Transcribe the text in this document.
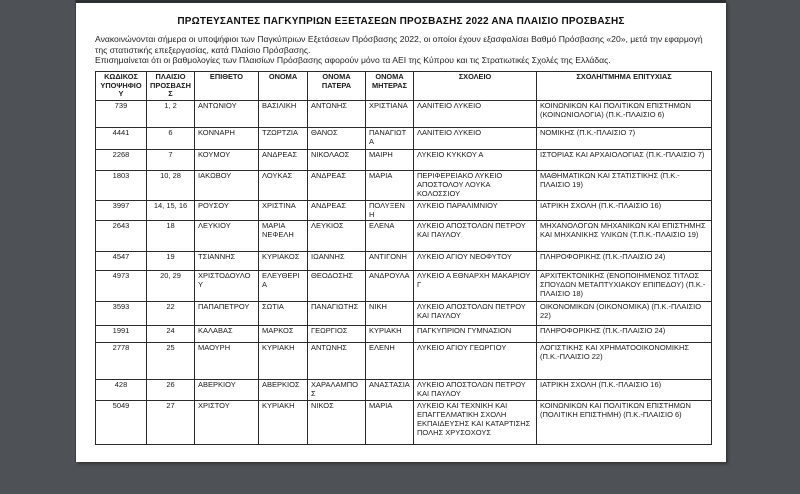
ΠΡΩΤΕΥΣΑΝΤΕΣ ΠΑΓΚΥΠΡΙΩΝ ΕΞΕΤΑΣΕΩΝ ΠΡΟΣΒΑΣΗΣ 2022 ΑΝΑ ΠΛΑΙΣΙΟ ΠΡΟΣΒΑΣΗΣ

Ανακοινώνονται σήμερα οι υποψήφιοι των Παγκύπριων Εξετάσεων Πρόσβασης 2022, οι οποίοι έχουν εξασφαλίσει Βαθμό Πρόσβασης «20», μετά την εφαρμογή της στατιστικής επεξεργασίας, κατά Πλαίσιο Πρόσβασης.

Επισημαίνεται ότι οι βαθμολογίες των Πλαισίων Πρόσβασης αφορούν μόνο τα ΑΕΙ της Κύπρου και τις Στρατιωτικές Σχολές της Ελλάδας.

ΚΩΔΙΚΟΣ ΥΠΟΨΗΦΙΟΥ	ΠΛΑΙΣΙΟ ΠΡΟΣΒΑΣΗΣ	ΕΠΙΘΕΤΟ	ΟΝΟΜΑ	ΟΝΟΜΑ ΠΑΤΕΡΑ	ΟΝΟΜΑ ΜΗΤΕΡΑΣ	ΣΧΟΛΕΙΟ	ΣΧΟΛΗ/ΤΜΗΜΑ ΕΠΙΤΥΧΙΑΣ
739	1, 2	ΑΝΤΩΝΙΟΥ	ΒΑΣΙΛΙΚΗ	ΑΝΤΩΝΗΣ	ΧΡΙΣΤΙΑΝΑ	ΛΑΝΙΤΕΙΟ ΛΥΚΕΙΟ	ΚΟΙΝΩΝΙΚΩΝ ΚΑΙ ΠΟΛΙΤΙΚΩΝ ΕΠΙΣΤΗΜΩΝ (ΚΟΙΝΩΝΙΟΛΟΓΙΑ) (Π.Κ.-ΠΛΑΙΣΙΟ 6)
4441	6	ΚΟΝΝΑΡΗ	ΤΖΩΡΤΖΙΑ	ΘΑΝΟΣ	ΠΑΝΑΓΙΩΤΑ	ΛΑΝΙΤΕΙΟ ΛΥΚΕΙΟ	ΝΟΜΙΚΗΣ (Π.Κ.-ΠΛΑΙΣΙΟ 7)
2268	7	ΚΟΥΜΟΥ	ΑΝΔΡΕΑΣ	ΝΙΚΟΛΑΟΣ	ΜΑΙΡΗ	ΛΥΚΕΙΟ ΚΥΚΚΟΥ Α	ΙΣΤΟΡΙΑΣ ΚΑΙ ΑΡΧΑΙΟΛΟΓΙΑΣ (Π.Κ.-ΠΛΑΙΣΙΟ 7)
1803	10, 28	ΙΑΚΩΒΟΥ	ΛΟΥΚΑΣ	ΑΝΔΡΕΑΣ	ΜΑΡΙΑ	ΠΕΡΙΦΕΡΕΙΑΚΟ ΛΥΚΕΙΟ ΑΠΟΣΤΟΛΟΥ ΛΟΥΚΑ ΚΟΛΟΣΣΙΟΥ	ΜΑΘΗΜΑΤΙΚΩΝ ΚΑΙ ΣΤΑΤΙΣΤΙΚΗΣ (Π.Κ.-ΠΛΑΙΣΙΟ 19)
3997	14, 15, 16	ΡΟΥΣΟΥ	ΧΡΙΣΤΙΝΑ	ΑΝΔΡΕΑΣ	ΠΟΛΥΞΕΝΗ	ΛΥΚΕΙΟ ΠΑΡΑΛΙΜΝΙΟΥ	ΙΑΤΡΙΚΗ ΣΧΟΛΗ (Π.Κ.-ΠΛΑΙΣΙΟ 16)
2643	18	ΛΕΥΚΙΟΥ	ΜΑΡΙΑ ΝΕΦΕΛΗ	ΛΕΥΚΙΟΣ	ΕΛΕΝΑ	ΛΥΚΕΙΟ ΑΠΟΣΤΟΛΩΝ ΠΕΤΡΟΥ ΚΑΙ ΠΑΥΛΟΥ	ΜΗΧΑΝΟΛΟΓΩΝ ΜΗΧΑΝΙΚΩΝ ΚΑΙ ΕΠΙΣΤΗΜΗΣ ΚΑΙ ΜΗΧΑΝΙΚΗΣ ΥΛΙΚΩΝ (Τ.Π.Κ.-ΠΛΑΙΣΙΟ 19)
4547	19	ΤΣΙΑΝΝΗΣ	ΚΥΡΙΑΚΟΣ	ΙΩΑΝΝΗΣ	ΑΝΤΙΓΟΝΗ	ΛΥΚΕΙΟ ΑΓΙΟΥ ΝΕΟΦΥΤΟΥ	ΠΛΗΡΟΦΟΡΙΚΗΣ (Π.Κ.-ΠΛΑΙΣΙΟ 24)
4973	20, 29	ΧΡΙΣΤΟΔΟΥΛΟΥ	ΕΛΕΥΘΕΡΙΑ	ΘΕΟΔΟΣΗΣ	ΑΝΔΡΟΥΛΑ	ΛΥΚΕΙΟ Α ΕΘΝΑΡΧΗ ΜΑΚΑΡΙΟΥ Γ	ΑΡΧΙΤΕΚΤΟΝΙΚΗΣ (ΕΝΟΠΟΙΗΜΕΝΟΣ ΤΙΤΛΟΣ ΣΠΟΥΔΩΝ ΜΕΤΑΠΤΥΧΙΑΚΟΥ ΕΠΙΠΕΔΟΥ) (Π.Κ.-ΠΛΑΙΣΙΟ 18)
3593	22	ΠΑΠΑΠΕΤΡΟΥ	ΣΩΤΙΑ	ΠΑΝΑΓΙΩΤΗΣ	ΝΙΚΗ	ΛΥΚΕΙΟ ΑΠΟΣΤΟΛΩΝ ΠΕΤΡΟΥ ΚΑΙ ΠΑΥΛΟΥ	ΟΙΚΟΝΟΜΙΚΩΝ (ΟΙΚΟΝΟΜΙΚΑ) (Π.Κ.-ΠΛΑΙΣΙΟ 22)
1991	24	ΚΑΛΑΒΑΣ	ΜΑΡΚΟΣ	ΓΕΩΡΓΙΟΣ	ΚΥΡΙΑΚΗ	ΠΑΓΚΥΠΡΙΟΝ ΓΥΜΝΑΣΙΟΝ	ΠΛΗΡΟΦΟΡΙΚΗΣ (Π.Κ.-ΠΛΑΙΣΙΟ 24)
2778	25	ΜΑΟΥΡΗ	ΚΥΡΙΑΚΗ	ΑΝΤΩΝΗΣ	ΕΛΕΝΗ	ΛΥΚΕΙΟ ΑΓΙΟΥ ΓΕΩΡΓΙΟΥ	ΛΟΓΙΣΤΙΚΗΣ ΚΑΙ ΧΡΗΜΑΤΟΟΙΚΟΝΟΜΙΚΗΣ (Π.Κ.-ΠΛΑΙΣΙΟ 22)
428	26	ΑΒΕΡΚΙΟΥ	ΑΒΕΡΚΙΟΣ	ΧΑΡΑΛΑΜΠΟΣ	ΑΝΑΣΤΑΣΙΑ	ΛΥΚΕΙΟ ΑΠΟΣΤΟΛΩΝ ΠΕΤΡΟΥ ΚΑΙ ΠΑΥΛΟΥ	ΙΑΤΡΙΚΗ ΣΧΟΛΗ (Π.Κ.-ΠΛΑΙΣΙΟ 16)
5049	27	ΧΡΙΣΤΟΥ	ΚΥΡΙΑΚΗ	ΝΙΚΟΣ	ΜΑΡΙΑ	ΛΥΚΕΙΟ ΚΑΙ ΤΕΧΝΙΚΗ ΚΑΙ ΕΠΑΓΓΕΛΜΑΤΙΚΗ ΣΧΟΛΗ ΕΚΠΑΙΔΕΥΣΗΣ ΚΑΙ ΚΑΤΑΡΤΙΣΗΣ ΠΟΛΗΣ ΧΡΥΣΟΧΟΥΣ	ΚΟΙΝΩΝΙΚΩΝ ΚΑΙ ΠΟΛΙΤΙΚΩΝ ΕΠΙΣΤΗΜΩΝ (ΠΟΛΙΤΙΚΗ ΕΠΙΣΤΗΜΗ) (Π.Κ.-ΠΛΑΙΣΙΟ 6)
